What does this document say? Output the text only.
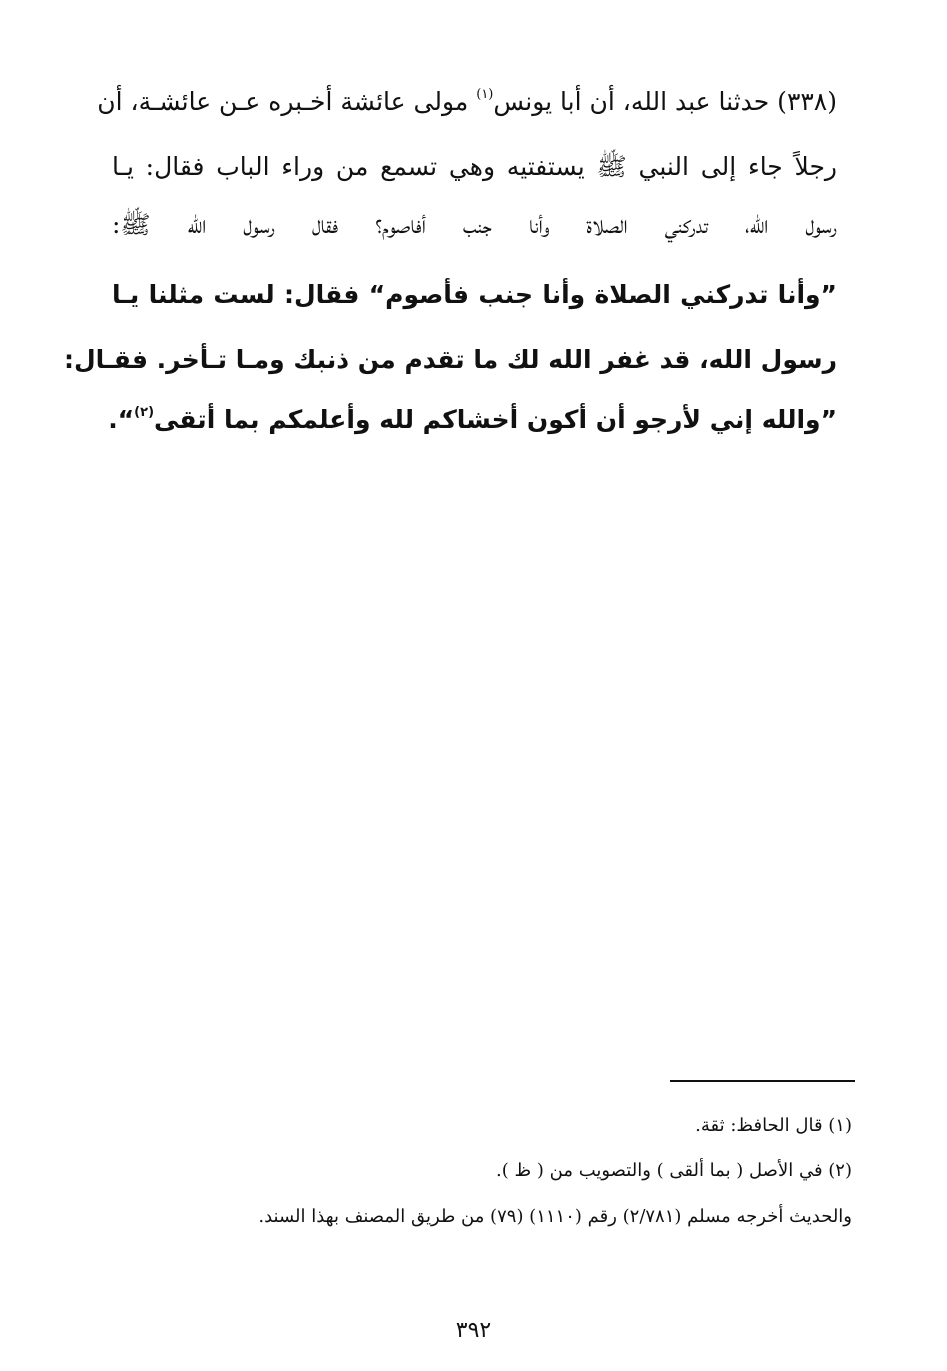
(٣٣٨) حدثنا عبد الله، أن أبا يونس$^{(١)}$ مولى عائشة أخـبره عـن عائشـة، أن
رجلاً جاء إلى النبي ﷺ يستفتيه وهي تسمع من وراء الباب فقال: يـا
رسول الله، تدركني الصلاة وأنا جنب أفاصوم؟ فقال رسول الله ﷺ:
”وأنا تدركني الصلاة وأنا جنب فأصوم“ فقال: لست مثلنا يـا
رسول الله، قد غفر الله لك ما تقدم من ذنبك ومـا تـأخر. فقـال:
”والله إني لأرجو أن أكون أخشاكم لله وأعلمكم بما أتقى$^{(٢)}$“.
(١) قال الحافظ: ثقة.
(٢) في الأصل ( بما ألقى ) والتصويب من ( ظ ).
والحديث أخرجه مسلم (٢/٧٨١) رقم (١١١٠) (٧٩) من طريق المصنف بهذا السند.
٣٩٢
